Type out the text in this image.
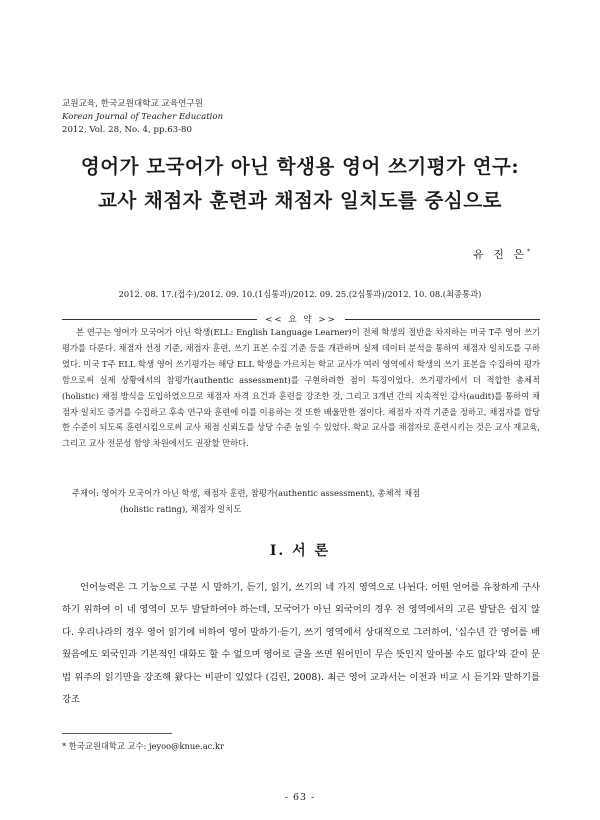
교원교육, 한국교원대학교 교육연구원
Korean Journal of Teacher Education
2012, Vol. 28, No. 4, pp.63-80
영어가 모국어가 아닌 학생용 영어 쓰기평가 연구:
교사 채점자 훈련과 채점자 일치도를 중심으로
유 진 은*
2012. 08. 17.(접수)/2012. 09. 10.(1심통과)/2012. 09. 25.(2심통과)/2012. 10. 08.(최종통과)
<< 요 약 >>
본 연구는 영어가 모국어가 아닌 학생(ELL: English Language Learner)이 전체 학생의 절반을 차지하는 미국 T주 영어 쓰기평가를 다룬다. 채점자 선정 기준, 채점자 훈련, 쓰기 표본 수집 기준 등을 개관하며 실제 데이터 분석을 통하여 채점자 일치도를 구하였다. 미국 T주 ELL 학생 영어 쓰기평가는 해당 ELL 학생을 가르치는 학교 교사가 여러 영역에서 학생의 쓰기 표본을 수집하여 평가함으로써 실제 상황에서의 참평가(authentic assessment)를 구현하려한 점이 특징이었다. 쓰기평가에서 더 적합한 총체적(holistic) 채점 방식을 도입하였으므로 채점자 자격 요건과 훈련을 강조한 것, 그리고 3개년 간의 지속적인 감사(audit)를 통하여 채점자 일치도 증거를 수집하고 후속 연구와 훈련에 이를 이용하는 것 또한 배울만한 점이다. 채점자 자격 기준을 정하고, 채점자를 합당한 수준이 되도록 훈련시킴으로써 교사 채점 신뢰도를 상당 수준 높일 수 있었다. 학교 교사를 채점자로 훈련시키는 것은 교사 재교육, 그리고 교사 전문성 함양 차원에서도 권장할 만하다.
주제어: 영어가 모국어가 아닌 학생, 채점자 훈련, 참평가(authentic assessment), 총체적 채점
(holistic rating), 채점자 일치도
I. 서 론
언어능력은 그 기능으로 구분 시 말하기, 듣기, 읽기, 쓰기의 네 가지 영역으로 나뉜다. 어떤 언어를 유창하게 구사하기 위하여 이 네 영역이 모두 발달하여야 하는데, 모국어가 아닌 외국어의 경우 전 영역에서의 고른 발달은 쉽지 않다. 우리나라의 경우 영어 읽기에 비하여 영어 말하기·듣기, 쓰기 영역에서 상대적으로 그러하여, '십수년 간 영어를 배웠음에도 외국인과 기본적인 대화도 할 수 없으며 영어로 글을 쓰면 원어민이 무슨 뜻인지 알아볼 수도 없다'와 같이 문법 위주의 읽기만을 강조해 왔다는 비판이 있었다 (김린, 2008). 최근 영어 교과서는 이전과 비교 시 듣기와 말하기를 강조
* 한국교원대학교 교수: jeyoo@knue.ac.kr
- 63 -
